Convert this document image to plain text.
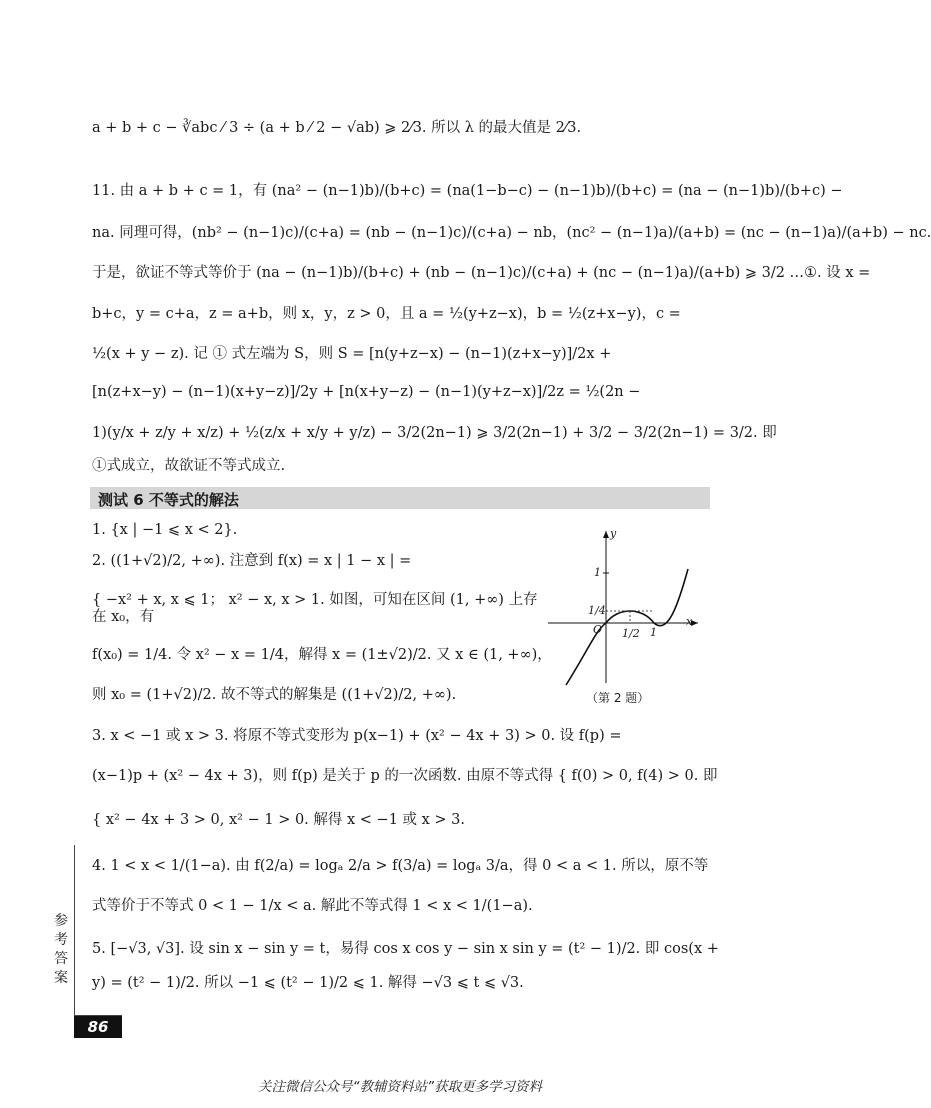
a + b + c − ∛abc ⁄ 3 ÷ (a + b ⁄ 2 − √ab) ⩾ 2⁄3. 所以 λ 的最大值是 2⁄3.
11. 由 a + b + c = 1，有 (na² − (n−1)b)/(b+c) = (na(1−b−c) − (n−1)b)/(b+c) = (na − (n−1)b)/(b+c) −
na. 同理可得，(nb² − (n−1)c)/(c+a) = (nb − (n−1)c)/(c+a) − nb，(nc² − (n−1)a)/(a+b) = (nc − (n−1)a)/(a+b) − nc.
于是，欲证不等式等价于 (na − (n−1)b)/(b+c) + (nb − (n−1)c)/(c+a) + (nc − (n−1)a)/(a+b) ⩾ 3/2 …①. 设 x =
b+c，y = c+a，z = a+b，则 x，y，z > 0，且 a = ½(y+z−x)，b = ½(z+x−y)，c =
½(x + y − z). 记 ① 式左端为 S，则 S = [n(y+z−x) − (n−1)(z+x−y)]/2x +
[n(z+x−y) − (n−1)(x+y−z)]/2y + [n(x+y−z) − (n−1)(y+z−x)]/2z = ½(2n −
1)(y/x + z/y + x/z) + ½(z/x + x/y + y/z) − 3/2(2n−1) ⩾ 3/2(2n−1) + 3/2 − 3/2(2n−1) = 3/2. 即
①式成立，故欲证不等式成立.
测试 6 不等式的解法
1. {x | −1 ⩽ x < 2}.
2. ((1+√2)/2, +∞). 注意到 f(x) = x | 1 − x | =
{ −x² + x, x ⩽ 1； x² − x, x > 1. 如图，可知在区间 (1, +∞) 上存在 x₀，有
f(x₀) = 1/4. 令 x² − x = 1/4，解得 x = (1±√2)/2. 又 x ∈ (1, +∞)，
则 x₀ = (1+√2)/2. 故不等式的解集是 ((1+√2)/2, +∞).
3. x < −1 或 x > 3. 将原不等式变形为 p(x−1) + (x² − 4x + 3) > 0. 设 f(p) =
(x−1)p + (x² − 4x + 3)，则 f(p) 是关于 p 的一次函数. 由原不等式得 { f(0) > 0, f(4) > 0. 即
{ x² − 4x + 3 > 0, x² − 1 > 0. 解得 x < −1 或 x > 3.
4. 1 < x < 1/(1−a). 由 f(2/a) = logₐ 2/a > f(3/a) = logₐ 3/a，得 0 < a < 1. 所以，原不等
式等价于不等式 0 < 1 − 1/x < a. 解此不等式得 1 < x < 1/(1−a).
5. [−√3, √3]. 设 sin x − sin y = t，易得 cos x cos y − sin x sin y = (t² − 1)/2. 即 cos(x +
y) = (t² − 1)/2. 所以 −1 ⩽ (t² − 1)/2 ⩽ 1. 解得 −√3 ⩽ t ⩽ √3.
y
x
O
1
1/4
1/2 1
（第 2 题）
参考答案
86
关注微信公众号“教辅资料站”获取更多学习资料
